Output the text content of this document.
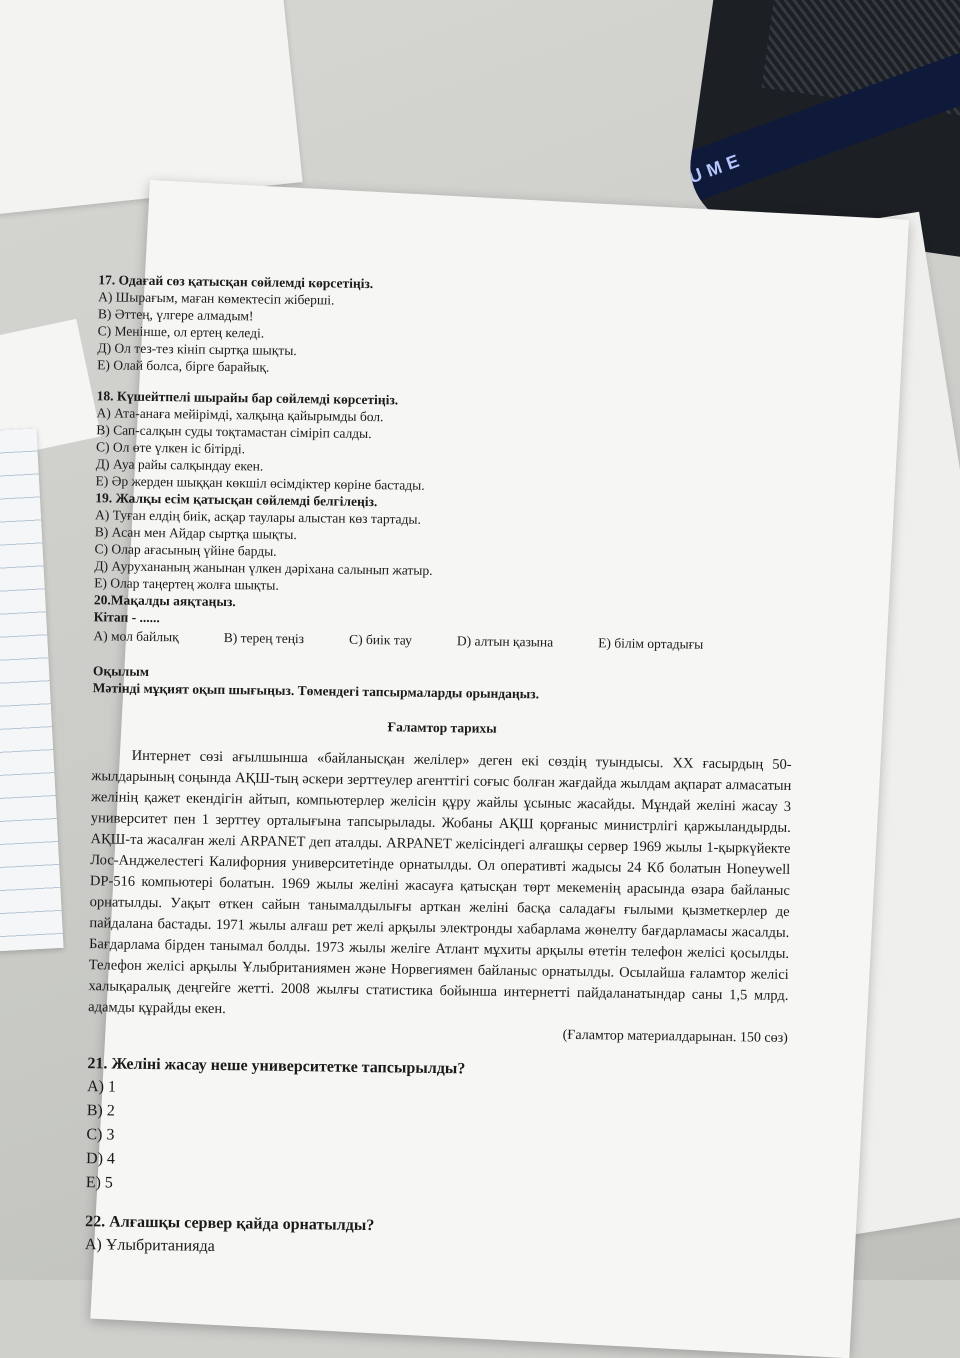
UME
17. Одағай сөз қатысқан сөйлемді көрсетіңіз.
А) Шырағым, маған көмектесіп жіберші.
В) Әттең, үлгере алмадым!
С) Менінше, ол ертең келеді.
Д) Ол тез-тез кініп сыртқа шықты.
Е) Олай болса, бірге барайық.
18. Күшейтпелі шырайы бар сөйлемді көрсетіңіз.
А) Ата-анаға мейірімді, халқыңа қайырымды бол.
В) Сап-салқын суды тоқтамастан сіміріп салды.
С) Ол өте үлкен іс бітірді.
Д) Ауа райы салқындау екен.
Е) Әр жерден шыққан көкшіл өсімдіктер көріне бастады.
19. Жалқы есім қатысқан сөйлемді белгілеңіз.
А) Туған елдің биік, асқар таулары алыстан көз тартады.
В) Асан мен Айдар сыртқа шықты.
С) Олар ағасының үйіне барды.
Д) Аурухананың жанынан үлкен дәріхана салынып жатыр.
Е) Олар таңертең жолға шықты.
20.Мақалды аяқтаңыз.
Кітап - ......
А) мол байлық	В) терең теңіз	С) биік тау	D) алтын қазына	Е) білім ортадығы
Оқылым
Мәтінді мұқият оқып шығыңыз. Төмендегі тапсырмаларды орындаңыз.
Ғаламтор тарихы
Интернет сөзі ағылшынша «байланысқан желілер» деген екі сөздің туындысы. ХХ ғасырдың 50-жылдарының соңында АҚШ-тың әскери зерттеулер агенттігі соғыс болған жағдайда жылдам ақпарат алмасатын желінің қажет екендігін айтып, компьютерлер желісін құру жайлы ұсыныс жасайды. Мұндай желіні жасау 3 университет пен 1 зерттеу орталығына тапсырылады. Жобаны АҚШ қорғаныс министрлігі қаржыландырды. АҚШ-та жасалған желі ARPANET деп аталды. ARPANET желісіндегі алғашқы сервер 1969 жылы 1-қыркүйекте Лос-Анджелестегі Калифорния университетінде орнатылды. Ол оперативті жадысы 24 Кб болатын Honeywell DP-516 компьютері болатын. 1969 жылы желіні жасауға қатысқан төрт мекеменің арасында өзара байланыс орнатылды. Уақыт өткен сайын танымалдылығы арткан желіні басқа саладағы ғылыми қызметкерлер де пайдалана бастады. 1971 жылы алғаш рет желі арқылы электронды хабарлама жөнелту бағдарламасы жасалды. Бағдарлама бірден танымал болды. 1973 жылы желіге Атлант мұхиты арқылы өтетін телефон желісі қосылды. Телефон желісі арқылы Ұлыбританиямен және Норвегиямен байланыс орнатылды. Осылайша ғаламтор желісі халықаралық деңгейге жетті. 2008 жылғы статистика бойынша интернетті пайдаланатындар саны 1,5 млрд. адамды құрайды екен.
(Ғаламтор материалдарынан. 150 сөз)
21. Желіні жасау неше университетке тапсырылды?
А) 1
В) 2
С) 3
D) 4
Е) 5
22. Алғашқы сервер қайда орнатылды?
А) Ұлыбританияда
